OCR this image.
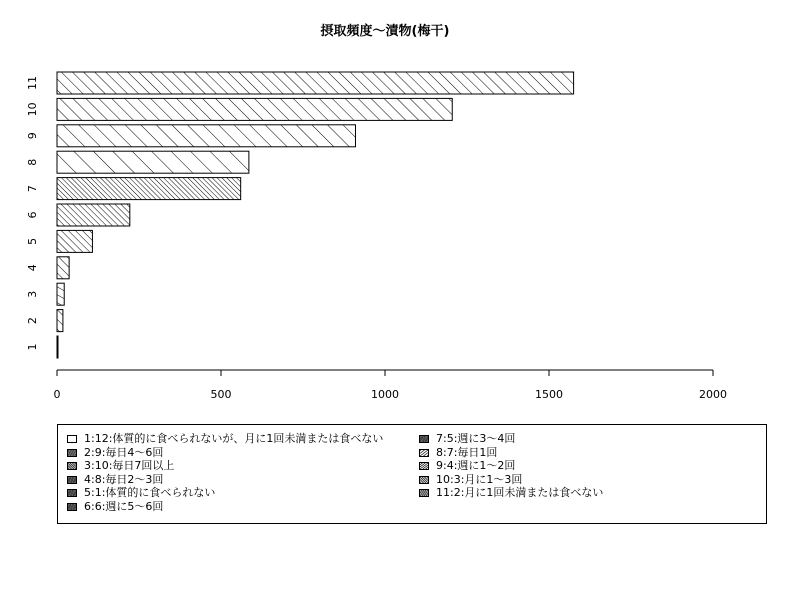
摂取頻度～漬物(梅干)
1
2
3
4
5
6
7
8
9
10
11
0	500	1000	1500	2000
1:12:体質的に食べられないが、月に1回未満または食べない
2:9:毎日4～6回
3:10:毎日7回以上
4:8:毎日2～3回
5:1:体質的に食べられない
6:6:週に5～6回
7:5:週に3～4回
8:7:毎日1回
9:4:週に1～2回
10:3:月に1～3回
11:2:月に1回未満または食べない
